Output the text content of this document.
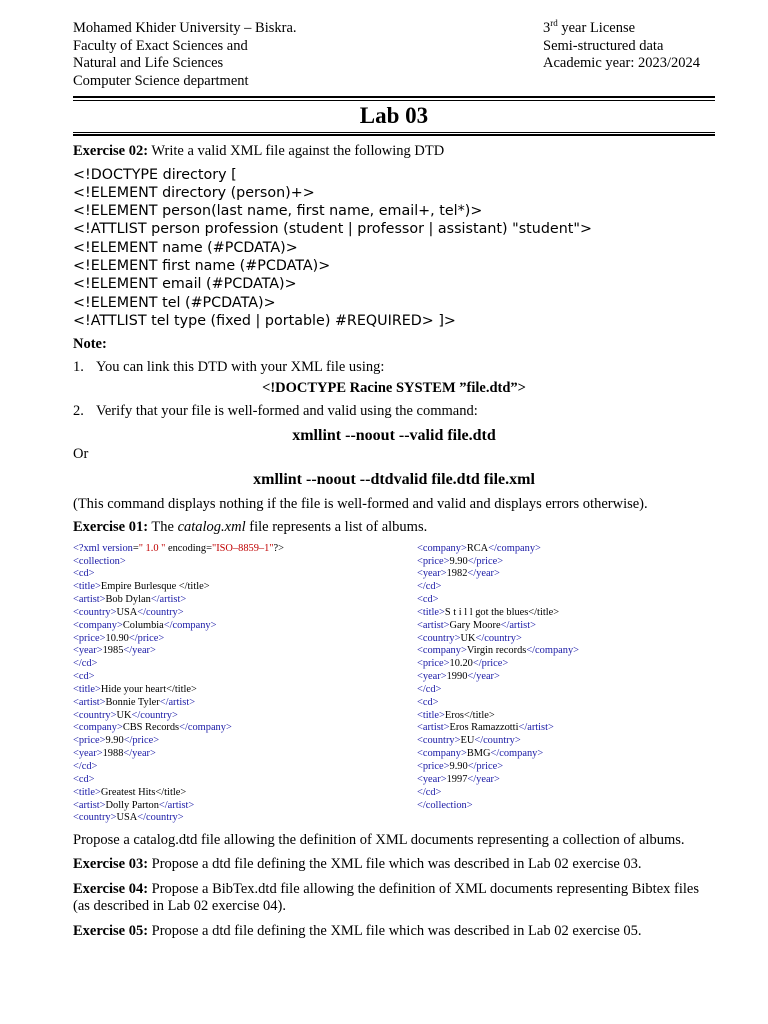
Mohamed Khider University – Biskra.
Faculty of Exact Sciences and
Natural and Life Sciences
Computer Science department
3rd year License
Semi-structured data
Academic year: 2023/2024
Lab 03
Exercise 02: Write a valid XML file against the following DTD
<!DOCTYPE directory [
<!ELEMENT directory (person)+>
<!ELEMENT person(last name, first name, email+, tel*)>
<!ATTLIST person profession (student | professor | assistant) "student">
<!ELEMENT name (#PCDATA)>
<!ELEMENT first name (#PCDATA)>
<!ELEMENT email (#PCDATA)>
<!ELEMENT tel (#PCDATA)>
<!ATTLIST tel type (fixed | portable) #REQUIRED> ]>
Note:
1. You can link this DTD with your XML file using:
<!DOCTYPE Racine SYSTEM ”file.dtd”>
2. Verify that your file is well-formed and valid using the command:
xmllint --noout --valid file.dtd
Or
xmllint --noout --dtdvalid file.dtd file.xml
(This command displays nothing if the file is well-formed and valid and displays errors otherwise).
Exercise 01: The catalog.xml file represents a list of albums.
<?xml version=" 1.0 " encoding="ISO–8859–1"?>
<collection>
<cd>
<title>Empire Burlesque </title>
<artist>Bob Dylan</artist>
<country>USA</country>
<company>Columbia</company>
<price>10.90</price>
<year>1985</year>
</cd>
<cd>
<title>Hide your heart</title>
<artist>Bonnie Tyler</artist>
<country>UK</country>
<company>CBS Records</company>
<price>9.90</price>
<year>1988</year>
</cd>
<cd>
<title>Greatest Hits</title>
<artist>Dolly Parton</artist>
<country>USA</country>
<company>RCA</company>
<price>9.90</price>
<year>1982</year>
</cd>
<cd>
<title>S t i l l got the blues</title>
<artist>Gary Moore</artist>
<country>UK</country>
<company>Virgin records</company>
<price>10.20</price>
<year>1990</year>
</cd>
<cd>
<title>Eros</title>
<artist>Eros Ramazzotti</artist>
<country>EU</country>
<company>BMG</company>
<price>9.90</price>
<year>1997</year>
</cd>
</collection>
Propose a catalog.dtd file allowing the definition of XML documents representing a collection of albums.
Exercise 03: Propose a dtd file defining the XML file which was described in Lab 02 exercise 03.
Exercise 04: Propose a BibTex.dtd file allowing the definition of XML documents representing Bibtex files (as described in Lab 02 exercise 04).
Exercise 05: Propose a dtd file defining the XML file which was described in Lab 02 exercise 05.
